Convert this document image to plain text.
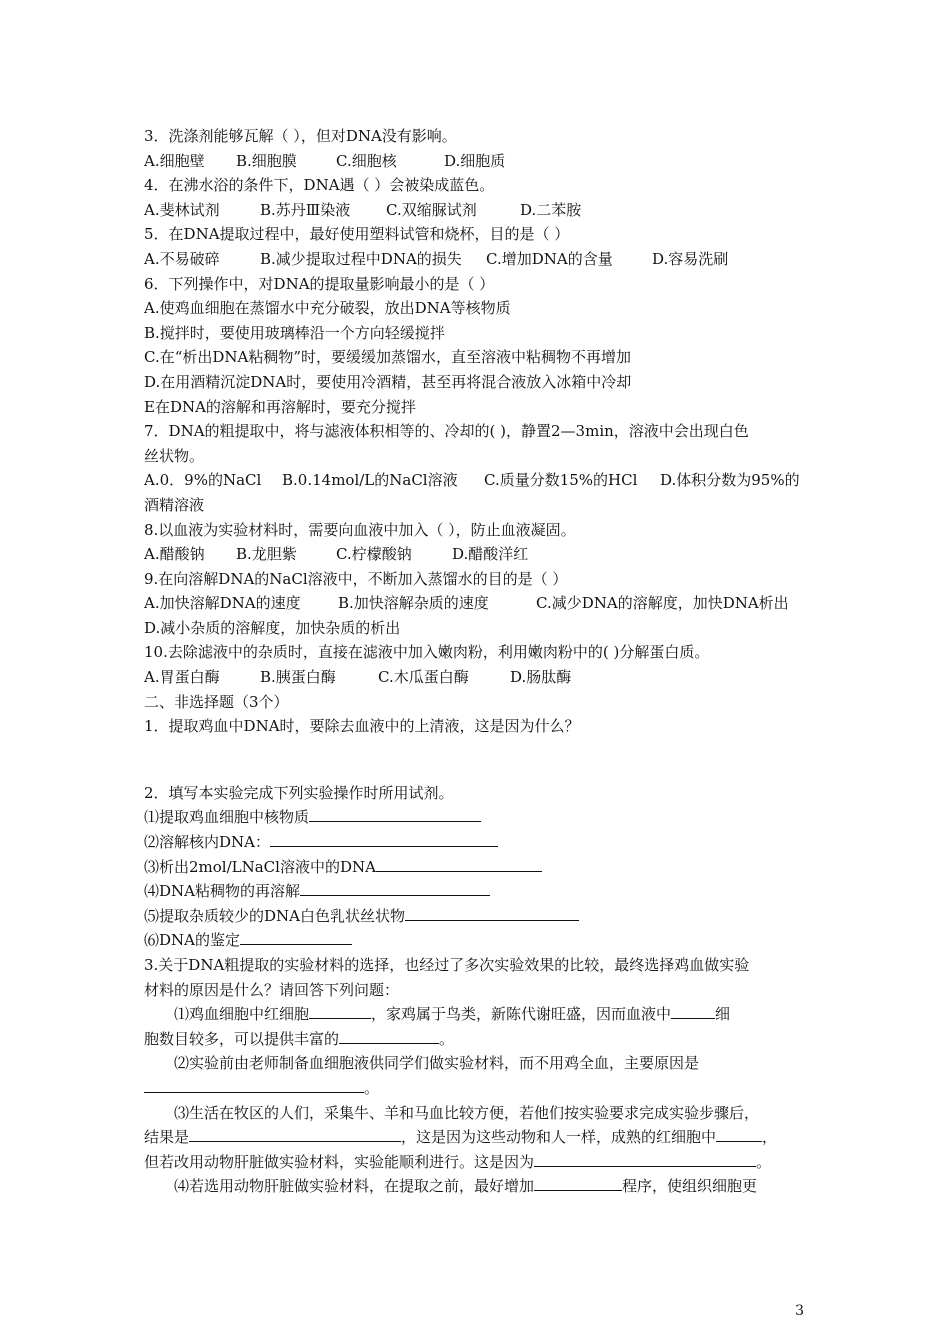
3．洗涤剂能够瓦解（ ），但对DNA没有影响。
A.细胞壁 B.细胞膜	C.细胞核	D.细胞质
4．在沸水浴的条件下，DNA遇（ ）会被染成蓝色。
A.斐林试剂	B.苏丹Ⅲ染液 C.双缩脲试剂	D.二苯胺
5．在DNA提取过程中，最好使用塑料试管和烧杯，目的是（ ）
A.不易破碎	B.减少提取过程中DNA的损失 C.增加DNA的含量	D.容易洗刷
6．下列操作中，对DNA的提取量影响最小的是（ ）
A.使鸡血细胞在蒸馏水中充分破裂，放出DNA等核物质
B.搅拌时，要使用玻璃棒沿一个方向轻缓搅拌
C.在“析出DNA粘稠物”时，要缓缓加蒸馏水，直至溶液中粘稠物不再增加
D.在用酒精沉淀DNA时，要使用冷酒精，甚至再将混合液放入冰箱中冷却
E在DNA的溶解和再溶解时，要充分搅拌
7．DNA的粗提取中，将与滤液体积相等的、冷却的( )，静置2—3min，溶液中会出现白色
丝状物。
A.0．9%的NaCl B.0.14mol/L的NaCl溶液 C.质量分数15%的HCl D.体积分数为95%的
酒精溶液
8.以血液为实验材料时，需要向血液中加入（ ），防止血液凝固。
A.醋酸钠 B.龙胆紫	C.柠檬酸钠	D.醋酸洋红
9.在向溶解DNA的NaCl溶液中，不断加入蒸馏水的目的是（ ）
A.加快溶解DNA的速度 B.加快溶解杂质的速度	C.减少DNA的溶解度，加快DNA析出
D.减小杂质的溶解度，加快杂质的析出
10.去除滤液中的杂质时，直接在滤液中加入嫩肉粉，利用嫩肉粉中的( )分解蛋白质。
A.胃蛋白酶	B.胰蛋白酶	C.木瓜蛋白酶	D.肠肽酶
二、非选择题（3个）
1．提取鸡血中DNA时，要除去血液中的上清液，这是因为什么？
2．填写本实验完成下列实验操作时所用试剂。
⑴提取鸡血细胞中核物质
⑵溶解核内DNA：
⑶析出2mol/LNaCl溶液中的DNA
⑷DNA粘稠物的再溶解
⑸提取杂质较少的DNA白色乳状丝状物
⑹DNA的鉴定
3.关于DNA粗提取的实验材料的选择，也经过了多次实验效果的比较，最终选择鸡血做实验
材料的原因是什么？请回答下列问题：
⑴鸡血细胞中红细胞	，家鸡属于鸟类，新陈代谢旺盛，因而血液中	细
胞数目较多，可以提供丰富的	。
⑵实验前由老师制备血细胞液供同学们做实验材料，而不用鸡全血，主要原因是
。
⑶生活在牧区的人们，采集牛、羊和马血比较方便，若他们按实验要求完成实验步骤后，
结果是	，这是因为这些动物和人一样，成熟的红细胞中	，
但若改用动物肝脏做实验材料，实验能顺利进行。这是因为	。
⑷若选用动物肝脏做实验材料，在提取之前，最好增加	程序，使组织细胞更
3
